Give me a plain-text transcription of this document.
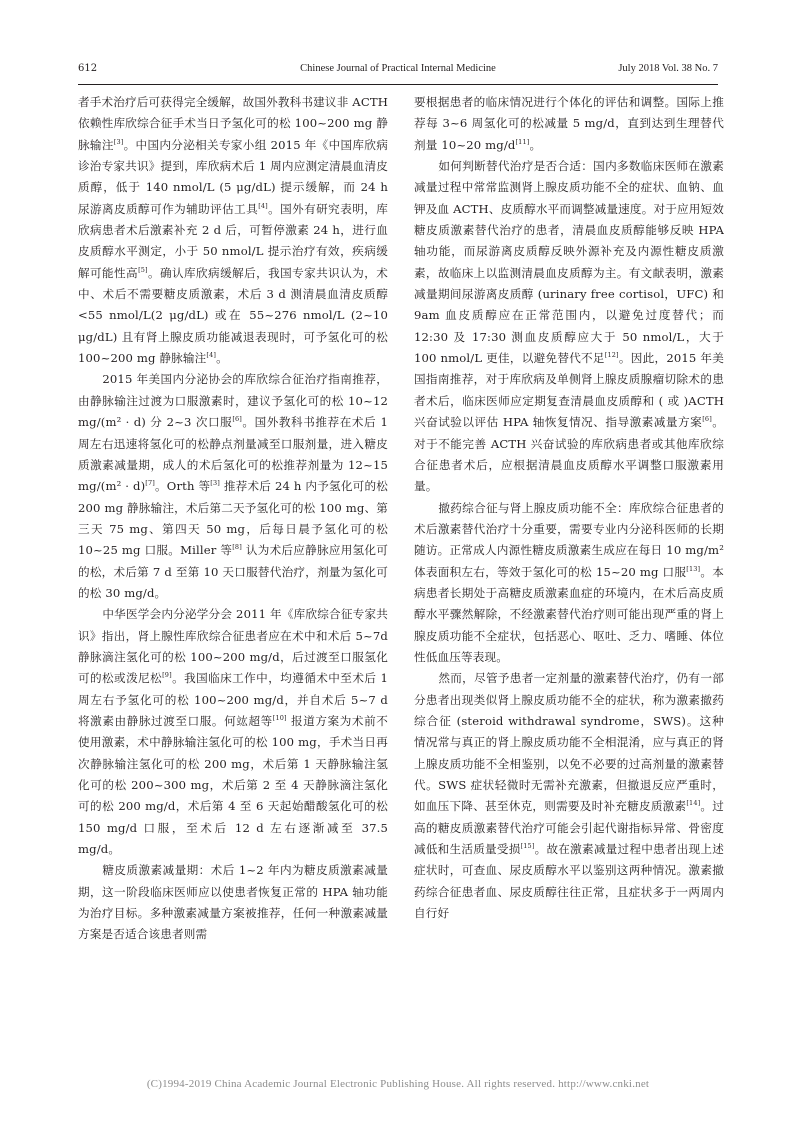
612	Chinese Journal of Practical Internal Medicine	July 2018 Vol. 38 No. 7

者手术治疗后可获得完全缓解，故国外教科书建议非 ACTH 依赖性库欣综合征手术当日予氢化可的松 100~200 mg 静脉输注[3]。中国内分泌相关专家小组 2015 年《中国库欣病诊治专家共识》提到，库欣病术后 1 周内应测定清晨血清皮质醇，低于 140 nmol/L (5 μg/dL) 提示缓解，而 24 h 尿游离皮质醇可作为辅助评估工具[4]。国外有研究表明，库欣病患者术后激素补充 2 d 后，可暂停激素 24 h，进行血皮质醇水平测定，小于 50 nmol/L 提示治疗有效，疾病缓解可能性高[5]。确认库欣病缓解后，我国专家共识认为，术中、术后不需要糖皮质激素，术后 3 d 测清晨血清皮质醇 <55 nmol/L(2 μg/dL) 或在 55~276 nmol/L (2~10 μg/dL) 且有肾上腺皮质功能减退表现时，可予氢化可的松 100~200 mg 静脉输注[4]。

2015 年美国内分泌协会的库欣综合征治疗指南推荐，由静脉输注过渡为口服激素时，建议予氢化可的松 10~12 mg/(m² · d) 分 2~3 次口服[6]。国外教科书推荐在术后 1 周左右迅速将氢化可的松静点剂量减至口服剂量，进入糖皮质激素减量期，成人的术后氢化可的松推荐剂量为 12~15 mg/(m² · d)[7]。Orth 等[3] 推荐术后 24 h 内予氢化可的松 200 mg 静脉输注，术后第二天予氢化可的松 100 mg、第三天 75 mg、第四天 50 mg，后每日晨予氢化可的松 10~25 mg 口服。Miller 等[8] 认为术后应静脉应用氢化可的松，术后第 7 d 至第 10 天口服替代治疗，剂量为氢化可的松 30 mg/d。

中华医学会内分泌学分会 2011 年《库欣综合征专家共识》指出，肾上腺性库欣综合征患者应在术中和术后 5~7d 静脉滴注氢化可的松 100~200 mg/d，后过渡至口服氢化可的松或泼尼松[9]。我国临床工作中，均遵循术中至术后 1 周左右予氢化可的松 100~200 mg/d，并自术后 5~7 d 将激素由静脉过渡至口服。何竑超等[10] 报道方案为术前不使用激素，术中静脉输注氢化可的松 100 mg，手术当日再次静脉输注氢化可的松 200 mg，术后第 1 天静脉输注氢化可的松 200~300 mg，术后第 2 至 4 天静脉滴注氢化可的松 200 mg/d，术后第 4 至 6 天起始醋酸氢化可的松 150 mg/d 口服，至术后 12 d 左右逐渐减至 37.5 mg/d。

糖皮质激素减量期：术后 1~2 年内为糖皮质激素减量期，这一阶段临床医师应以使患者恢复正常的 HPA 轴功能为治疗目标。多种激素减量方案被推荐，任何一种激素减量方案是否适合该患者则需

要根据患者的临床情况进行个体化的评估和调整。国际上推荐每 3~6 周氢化可的松减量 5 mg/d，直到达到生理替代剂量 10~20 mg/d[11]。

如何判断替代治疗是否合适：国内多数临床医师在激素减量过程中常常监测肾上腺皮质功能不全的症状、血钠、血钾及血 ACTH、皮质醇水平而调整减量速度。对于应用短效糖皮质激素替代治疗的患者，清晨血皮质醇能够反映 HPA 轴功能，而尿游离皮质醇反映外源补充及内源性糖皮质激素，故临床上以监测清晨血皮质醇为主。有文献表明，激素减量期间尿游离皮质醇 (urinary free cortisol，UFC) 和 9am 血皮质醇应在正常范围内，以避免过度替代；而 12:30 及 17:30 测血皮质醇应大于 50 nmol/L，大于 100 nmol/L 更佳，以避免替代不足[12]。因此，2015 年美国指南推荐，对于库欣病及单侧肾上腺皮质腺瘤切除术的患者术后，临床医师应定期复查清晨血皮质醇和 ( 或 )ACTH 兴奋试验以评估 HPA 轴恢复情况、指导激素减量方案[6]。对于不能完善 ACTH 兴奋试验的库欣病患者或其他库欣综合征患者术后，应根据清晨血皮质醇水平调整口服激素用量。

撤药综合征与肾上腺皮质功能不全：库欣综合征患者的术后激素替代治疗十分重要，需要专业内分泌科医师的长期随访。正常成人内源性糖皮质激素生成应在每日 10 mg/m² 体表面积左右，等效于氢化可的松 15~20 mg 口服[13]。本病患者长期处于高糖皮质激素血症的环境内，在术后高皮质醇水平骤然解除，不经激素替代治疗则可能出现严重的肾上腺皮质功能不全症状，包括恶心、呕吐、乏力、嗜睡、体位性低血压等表现。

然而，尽管予患者一定剂量的激素替代治疗，仍有一部分患者出现类似肾上腺皮质功能不全的症状，称为激素撤药综合征 (steroid withdrawal syndrome，SWS)。这种情况常与真正的肾上腺皮质功能不全相混淆，应与真正的肾上腺皮质功能不全相鉴别，以免不必要的过高剂量的激素替代。SWS 症状轻微时无需补充激素，但撤退反应严重时，如血压下降、甚至休克，则需要及时补充糖皮质激素[14]。过高的糖皮质激素替代治疗可能会引起代谢指标异常、骨密度减低和生活质量受损[15]。故在激素减量过程中患者出现上述症状时，可查血、尿皮质醇水平以鉴别这两种情况。激素撤药综合征患者血、尿皮质醇往往正常，且症状多于一两周内自行好

(C)1994-2019 China Academic Journal Electronic Publishing House. All rights reserved. http://www.cnki.net
